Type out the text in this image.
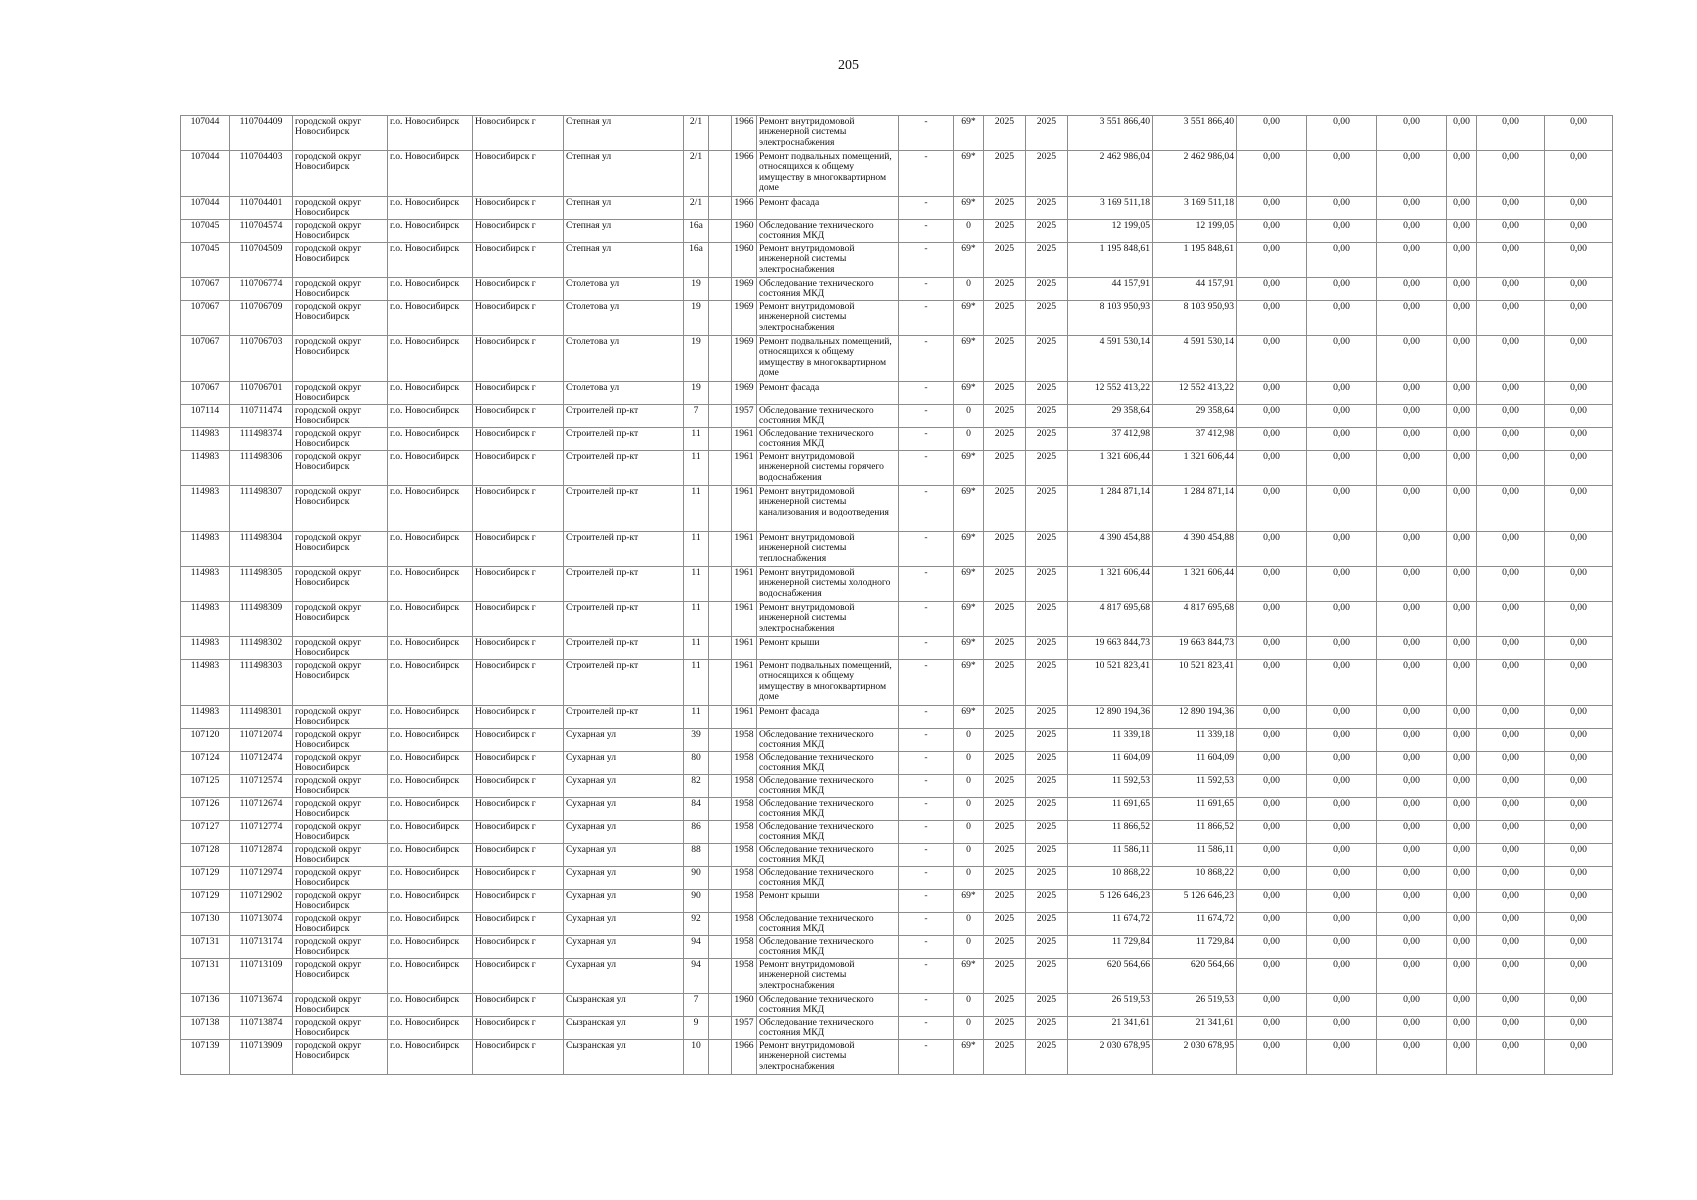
205
107044	110704409	городской округ Новосибирск	г.о. Новосибирск	Новосибирск г	Степная ул	2/1		1966	Ремонт внутридомовой инженерной системы электроснабжения	-	69*	2025	2025	3 551 866,40	3 551 866,40	0,00	0,00	0,00	0,00	0,00	0,00
107044	110704403	городской округ Новосибирск	г.о. Новосибирск	Новосибирск г	Степная ул	2/1		1966	Ремонт подвальных помещений, относящихся к общему имуществу в многоквартирном доме	-	69*	2025	2025	2 462 986,04	2 462 986,04	0,00	0,00	0,00	0,00	0,00	0,00
107044	110704401	городской округ Новосибирск	г.о. Новосибирск	Новосибирск г	Степная ул	2/1		1966	Ремонт фасада	-	69*	2025	2025	3 169 511,18	3 169 511,18	0,00	0,00	0,00	0,00	0,00	0,00
107045	110704574	городской округ Новосибирск	г.о. Новосибирск	Новосибирск г	Степная ул	16а		1960	Обследование технического состояния МКД	-	0	2025	2025	12 199,05	12 199,05	0,00	0,00	0,00	0,00	0,00	0,00
107045	110704509	городской округ Новосибирск	г.о. Новосибирск	Новосибирск г	Степная ул	16а		1960	Ремонт внутридомовой инженерной системы электроснабжения	-	69*	2025	2025	1 195 848,61	1 195 848,61	0,00	0,00	0,00	0,00	0,00	0,00
107067	110706774	городской округ Новосибирск	г.о. Новосибирск	Новосибирск г	Столетова ул	19		1969	Обследование технического состояния МКД	-	0	2025	2025	44 157,91	44 157,91	0,00	0,00	0,00	0,00	0,00	0,00
107067	110706709	городской округ Новосибирск	г.о. Новосибирск	Новосибирск г	Столетова ул	19		1969	Ремонт внутридомовой инженерной системы электроснабжения	-	69*	2025	2025	8 103 950,93	8 103 950,93	0,00	0,00	0,00	0,00	0,00	0,00
107067	110706703	городской округ Новосибирск	г.о. Новосибирск	Новосибирск г	Столетова ул	19		1969	Ремонт подвальных помещений, относящихся к общему имуществу в многоквартирном доме	-	69*	2025	2025	4 591 530,14	4 591 530,14	0,00	0,00	0,00	0,00	0,00	0,00
107067	110706701	городской округ Новосибирск	г.о. Новосибирск	Новосибирск г	Столетова ул	19		1969	Ремонт фасада	-	69*	2025	2025	12 552 413,22	12 552 413,22	0,00	0,00	0,00	0,00	0,00	0,00
107114	110711474	городской округ Новосибирск	г.о. Новосибирск	Новосибирск г	Строителей пр-кт	7		1957	Обследование технического состояния МКД	-	0	2025	2025	29 358,64	29 358,64	0,00	0,00	0,00	0,00	0,00	0,00
114983	111498374	городской округ Новосибирск	г.о. Новосибирск	Новосибирск г	Строителей пр-кт	11		1961	Обследование технического состояния МКД	-	0	2025	2025	37 412,98	37 412,98	0,00	0,00	0,00	0,00	0,00	0,00
114983	111498306	городской округ Новосибирск	г.о. Новосибирск	Новосибирск г	Строителей пр-кт	11		1961	Ремонт внутридомовой инженерной системы горячего водоснабжения	-	69*	2025	2025	1 321 606,44	1 321 606,44	0,00	0,00	0,00	0,00	0,00	0,00
114983	111498307	городской округ Новосибирск	г.о. Новосибирск	Новосибирск г	Строителей пр-кт	11		1961	Ремонт внутридомовой инженерной системы канализования и водоотведения	-	69*	2025	2025	1 284 871,14	1 284 871,14	0,00	0,00	0,00	0,00	0,00	0,00
114983	111498304	городской округ Новосибирск	г.о. Новосибирск	Новосибирск г	Строителей пр-кт	11		1961	Ремонт внутридомовой инженерной системы теплоснабжения	-	69*	2025	2025	4 390 454,88	4 390 454,88	0,00	0,00	0,00	0,00	0,00	0,00
114983	111498305	городской округ Новосибирск	г.о. Новосибирск	Новосибирск г	Строителей пр-кт	11		1961	Ремонт внутридомовой инженерной системы холодного водоснабжения	-	69*	2025	2025	1 321 606,44	1 321 606,44	0,00	0,00	0,00	0,00	0,00	0,00
114983	111498309	городской округ Новосибирск	г.о. Новосибирск	Новосибирск г	Строителей пр-кт	11		1961	Ремонт внутридомовой инженерной системы электроснабжения	-	69*	2025	2025	4 817 695,68	4 817 695,68	0,00	0,00	0,00	0,00	0,00	0,00
114983	111498302	городской округ Новосибирск	г.о. Новосибирск	Новосибирск г	Строителей пр-кт	11		1961	Ремонт крыши	-	69*	2025	2025	19 663 844,73	19 663 844,73	0,00	0,00	0,00	0,00	0,00	0,00
114983	111498303	городской округ Новосибирск	г.о. Новосибирск	Новосибирск г	Строителей пр-кт	11		1961	Ремонт подвальных помещений, относящихся к общему имуществу в многоквартирном доме	-	69*	2025	2025	10 521 823,41	10 521 823,41	0,00	0,00	0,00	0,00	0,00	0,00
114983	111498301	городской округ Новосибирск	г.о. Новосибирск	Новосибирск г	Строителей пр-кт	11		1961	Ремонт фасада	-	69*	2025	2025	12 890 194,36	12 890 194,36	0,00	0,00	0,00	0,00	0,00	0,00
107120	110712074	городской округ Новосибирск	г.о. Новосибирск	Новосибирск г	Сухарная ул	39		1958	Обследование технического состояния МКД	-	0	2025	2025	11 339,18	11 339,18	0,00	0,00	0,00	0,00	0,00	0,00
107124	110712474	городской округ Новосибирск	г.о. Новосибирск	Новосибирск г	Сухарная ул	80		1958	Обследование технического состояния МКД	-	0	2025	2025	11 604,09	11 604,09	0,00	0,00	0,00	0,00	0,00	0,00
107125	110712574	городской округ Новосибирск	г.о. Новосибирск	Новосибирск г	Сухарная ул	82		1958	Обследование технического состояния МКД	-	0	2025	2025	11 592,53	11 592,53	0,00	0,00	0,00	0,00	0,00	0,00
107126	110712674	городской округ Новосибирск	г.о. Новосибирск	Новосибирск г	Сухарная ул	84		1958	Обследование технического состояния МКД	-	0	2025	2025	11 691,65	11 691,65	0,00	0,00	0,00	0,00	0,00	0,00
107127	110712774	городской округ Новосибирск	г.о. Новосибирск	Новосибирск г	Сухарная ул	86		1958	Обследование технического состояния МКД	-	0	2025	2025	11 866,52	11 866,52	0,00	0,00	0,00	0,00	0,00	0,00
107128	110712874	городской округ Новосибирск	г.о. Новосибирск	Новосибирск г	Сухарная ул	88		1958	Обследование технического состояния МКД	-	0	2025	2025	11 586,11	11 586,11	0,00	0,00	0,00	0,00	0,00	0,00
107129	110712974	городской округ Новосибирск	г.о. Новосибирск	Новосибирск г	Сухарная ул	90		1958	Обследование технического состояния МКД	-	0	2025	2025	10 868,22	10 868,22	0,00	0,00	0,00	0,00	0,00	0,00
107129	110712902	городской округ Новосибирск	г.о. Новосибирск	Новосибирск г	Сухарная ул	90		1958	Ремонт крыши	-	69*	2025	2025	5 126 646,23	5 126 646,23	0,00	0,00	0,00	0,00	0,00	0,00
107130	110713074	городской округ Новосибирск	г.о. Новосибирск	Новосибирск г	Сухарная ул	92		1958	Обследование технического состояния МКД	-	0	2025	2025	11 674,72	11 674,72	0,00	0,00	0,00	0,00	0,00	0,00
107131	110713174	городской округ Новосибирск	г.о. Новосибирск	Новосибирск г	Сухарная ул	94		1958	Обследование технического состояния МКД	-	0	2025	2025	11 729,84	11 729,84	0,00	0,00	0,00	0,00	0,00	0,00
107131	110713109	городской округ Новосибирск	г.о. Новосибирск	Новосибирск г	Сухарная ул	94		1958	Ремонт внутридомовой инженерной системы электроснабжения	-	69*	2025	2025	620 564,66	620 564,66	0,00	0,00	0,00	0,00	0,00	0,00
107136	110713674	городской округ Новосибирск	г.о. Новосибирск	Новосибирск г	Сызранская ул	7		1960	Обследование технического состояния МКД	-	0	2025	2025	26 519,53	26 519,53	0,00	0,00	0,00	0,00	0,00	0,00
107138	110713874	городской округ Новосибирск	г.о. Новосибирск	Новосибирск г	Сызранская ул	9		1957	Обследование технического состояния МКД	-	0	2025	2025	21 341,61	21 341,61	0,00	0,00	0,00	0,00	0,00	0,00
107139	110713909	городской округ Новосибирск	г.о. Новосибирск	Новосибирск г	Сызранская ул	10		1966	Ремонт внутридомовой инженерной системы электроснабжения	-	69*	2025	2025	2 030 678,95	2 030 678,95	0,00	0,00	0,00	0,00	0,00	0,00
